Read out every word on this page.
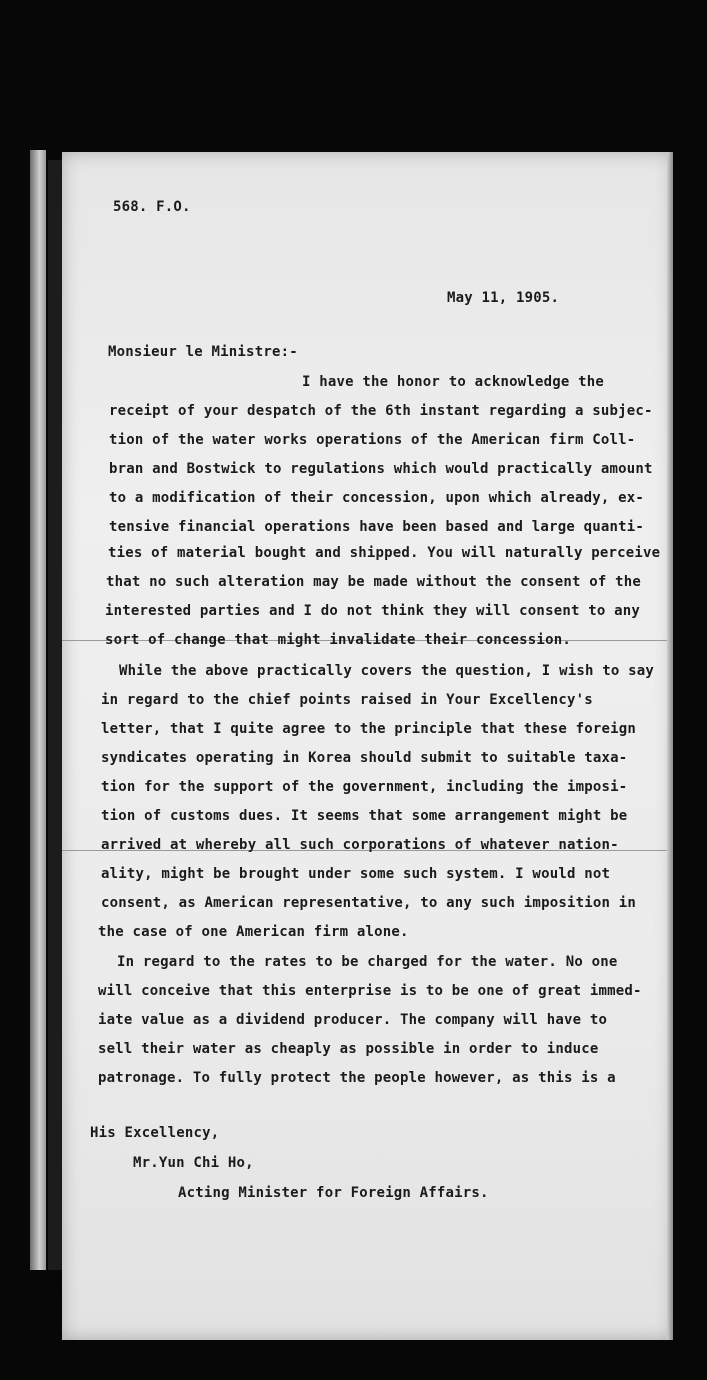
568. F.O.
May 11, 1905.
Monsieur le Ministre:-
I have the honor to acknowledge the
receipt of your despatch of the 6th instant regarding a subjec-
tion of the water works operations of the American firm Coll-
bran and Bostwick to regulations which would practically amount
to a modification of their concession, upon which already, ex-
tensive financial operations have been based and large quanti-
ties of material bought and shipped. You will naturally perceive
that no such alteration may be made without the consent of the
interested parties and I do not think they will consent to any
sort of change that might invalidate their concession.
While the above practically covers the question, I wish to say
in regard to the chief points raised in Your Excellency's
letter, that I quite agree to the principle that these foreign
syndicates operating in Korea should submit to suitable taxa-
tion for the support of the government, including the imposi-
tion of customs dues. It seems that some arrangement might be
arrived at whereby all such corporations of whatever nation-
ality, might be brought under some such system. I would not
consent, as American representative, to any such imposition in
the case of one American firm alone.
In regard to the rates to be charged for the water. No one
will conceive that this enterprise is to be one of great immed-
iate value as a dividend producer. The company will have to
sell their water as cheaply as possible in order to induce
patronage. To fully protect the people however, as this is a
His Excellency,
Mr.Yun Chi Ho,
Acting Minister for Foreign Affairs.
